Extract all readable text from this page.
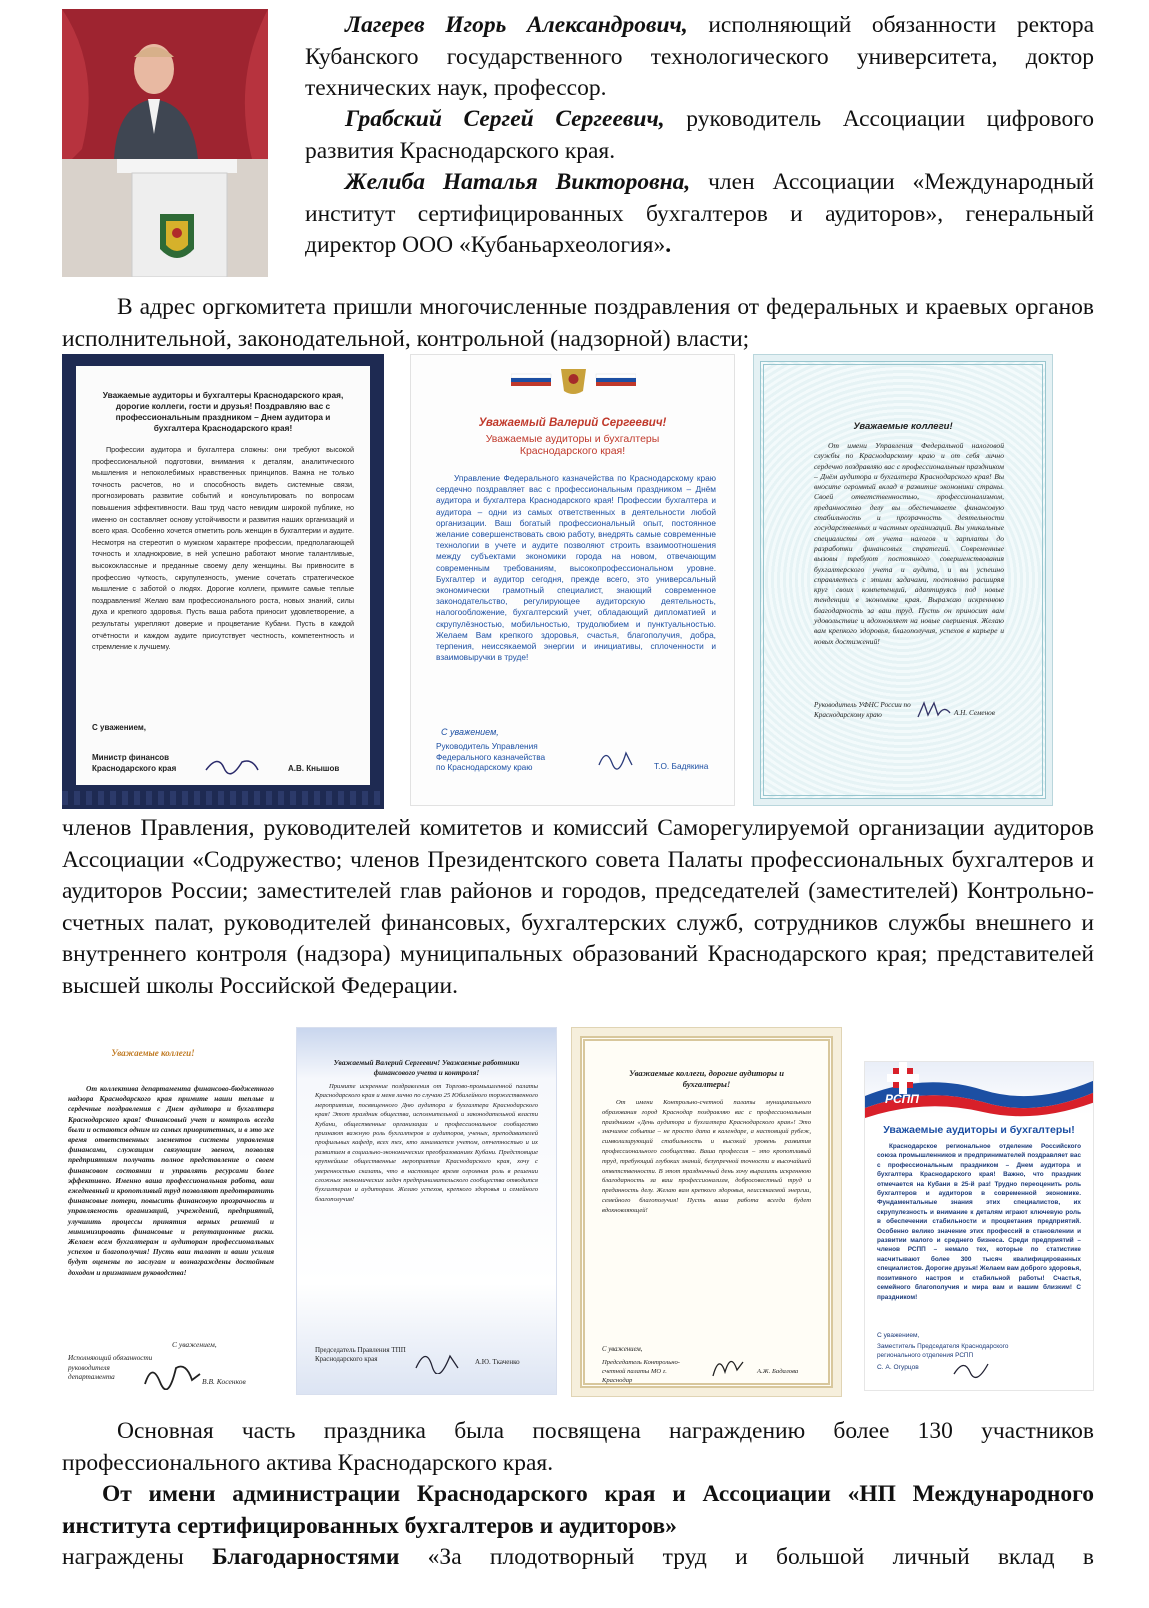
Лагерев Игорь Александрович, исполняющий обязанности ректора Кубанского государственного технологического университета, доктор технических наук, профессор.
Грабский Сергей Сергеевич, руководитель Ассоциации цифрового развития Краснодарского края.
Желиба Наталья Викторовна, член Ассоциации «Международный институт сертифицированных бухгалтеров и аудиторов», генеральный директор ООО «Кубаньархеология».

В адрес оргкомитета пришли многочисленные поздравления от федеральных и краевых органов исполнительной, законодательной, контрольной (надзорной) власти;

Уважаемые аудиторы и бухгалтеры Краснодарского края, дорогие коллеги, гости и друзья! Поздравляю вас с профессиональным праздником – Днем аудитора и бухгалтера Краснодарского края!
Профессии аудитора и бухгалтера сложны: они требуют высокой профессиональной подготовки, внимания к деталям, аналитического мышления и непоколебимых нравственных принципов. Важна не только точность расчетов, но и способность видеть системные связи, прогнозировать развитие событий и консультировать по вопросам повышения эффективности. Ваш труд часто невидим широкой публике, но именно он составляет основу устойчивости и развития наших организаций и всего края. Особенно хочется отметить роль женщин в бухгалтерии и аудите. Несмотря на стереотип о мужском характере профессии, предполагающей точность и хладнокровие, в ней успешно работают многие талантливые, высококлассные и преданные своему делу женщины. Вы привносите в профессию чуткость, скрупулезность, умение сочетать стратегическое мышление с заботой о людях. Дорогие коллеги, примите самые теплые поздравления! Желаю вам профессионального роста, новых знаний, силы духа и крепкого здоровья. Пусть ваша работа приносит удовлетворение, а результаты укрепляют доверие и процветание Кубани. Пусть в каждой отчётности и каждом аудите присутствует честность, компетентность и стремление к лучшему.
С уважением,
Министр финансов Краснодарского края	А.В. Кнышов
Уважаемый Валерий Сергеевич!
Уважаемые аудиторы и бухгалтеры Краснодарского края!
Управление Федерального казначейства по Краснодарскому краю сердечно поздравляет вас с профессиональным праздником – Днём аудитора и бухгалтера Краснодарского края! Профессии бухгалтера и аудитора – одни из самых ответственных в деятельности любой организации. Ваш богатый профессиональный опыт, постоянное желание совершенствовать свою работу, внедрять самые современные технологии в учете и аудите позволяют строить взаимоотношения между субъектами экономики города на новом, отвечающим современным требованиям, высокопрофессиональном уровне. Бухгалтер и аудитор сегодня, прежде всего, это универсальный экономически грамотный специалист, знающий современное законодательство, регулирующее аудиторскую деятельность, налогообложение, бухгалтерский учет, обладающий дипломатией и скрупулёзностью, мобильностью, трудолюбием и пунктуальностью. Желаем Вам крепкого здоровья, счастья, благополучия, добра, терпения, неиссякаемой энергии и инициативы, сплоченности и взаимовыручки в труде!
С уважением,
Руководитель Управления Федерального казначейства по Краснодарскому краю	Т.О. Бадякина
Уважаемые коллеги!
От имени Управления Федеральной налоговой службы по Краснодарскому краю и от себя лично сердечно поздравляю вас с профессиональным праздником – Днём аудитора и бухгалтера Краснодарского края! Вы вносите огромный вклад в развитие экономики страны. Своей ответственностью, профессионализмом, преданностью делу вы обеспечиваете финансовую стабильность и прозрачность деятельности государственных и частных организаций. Вы уникальные специалисты от учета налогов и зарплаты до разработки финансовых стратегий. Современные вызовы требуют постоянного совершенствования бухгалтерского учета и аудита, и вы успешно справляетесь с этими задачами, постоянно расширяя круг своих компетенций, адаптируясь под новые тенденции в экономике края. Выражаю искреннюю благодарность за ваш труд. Пусть он приносит вам удовольствие и вдохновляет на новые свершения. Желаю вам крепкого здоровья, благополучия, успехов в карьере и новых достижений!
Руководитель УФНС России по Краснодарскому краю	А.Н. Семенов

членов Правления, руководителей комитетов и комиссий Саморегулируемой организации аудиторов Ассоциации «Содружество; членов Президентского совета Палаты профессиональных бухгалтеров и аудиторов России; заместителей глав районов и городов, председателей (заместителей) Контрольно-счетных палат, руководителей финансовых, бухгалтерских служб, сотрудников службы внешнего и внутреннего контроля (надзора) муниципальных образований Краснодарского края; представителей высшей школы Российской Федерации.

Уважаемые коллеги!
От коллектива департамента финансово-бюджетного надзора Краснодарского края примите наши теплые и сердечные поздравления с Днем аудитора и бухгалтера Краснодарского края! Финансовый учет и контроль всегда были и остаются одним из самых приоритетных, и в это же время ответственных элементов системы управления финансами, служащим связующим звеном, позволяя предприятиям получать полное представление о своем финансовом состоянии и управлять ресурсами более эффективно. Именно ваша профессиональная работа, ваш ежедневный и кропотливый труд позволяют предотвратить финансовые потери, повысить финансовую прозрачность и управляемость организаций, учреждений, предприятий, улучшить процессы принятия верных решений и минимизировать финансовые и репутационные риски. Желаем всем бухгалтерам и аудиторам профессиональных успехов и благополучия! Пусть ваш талант и ваши усилия будут оценены по заслугам и вознаграждены достойным доходом и признанием руководства!
С уважением,
Исполняющий обязанности руководителя департамента	В.В. Косенков
Уважаемый Валерий Сергеевич! Уважаемые работники финансового учета и контроля!
Примите искренние поздравления от Торгово-промышленной палаты Краснодарского края и меня лично по случаю 25 Юбилейного торжественного мероприятия, посвященного Дню аудитора и бухгалтера Краснодарского края! Этот праздник общества, исполнительной и законодательной власти Кубани, общественные организации и профессиональное сообщество признают важную роль бухгалтеров и аудиторов, ученых, преподавателей профильных кафедр, всех тех, кто занимается учетом, отчетностью и их развитием в социально-экономических преобразованиях Кубани. Предстоящие крупнейшие общественные мероприятия Краснодарского края, хочу с уверенностью сказать, что в настоящее время огромная роль в решении сложных экономических задач предпринимательского сообщества отводится бухгалтерам и аудиторам. Желаю успехов, крепкого здоровья и семейного благополучия!
Председатель Правления ТПП Краснодарского края	А.Ю. Ткаченко
Уважаемые коллеги, дорогие аудиторы и бухгалтеры!
От имени Контрольно-счетной палаты муниципального образования город Краснодар поздравляю вас с профессиональным праздником «День аудитора и бухгалтера Краснодарского края»! Это значимое событие – не просто дата в календаре, а настоящий рубеж, символизирующий стабильность и высокий уровень развития профессионального сообщества. Ваша профессия – это кропотливый труд, требующий глубоких знаний, безупречной точности и высочайшей ответственности. В этот праздничный день хочу выразить искреннюю благодарность за ваш профессионализм, добросовестный труд и преданность делу. Желаю вам крепкого здоровья, неиссякаемой энергии, семейного благополучия! Пусть ваша работа всегда будет вдохновляющей!
С уважением,
Председатель Контрольно-счетной палаты МО г. Краснодар
А.Ж. Бадалова
РСПП
Уважаемые аудиторы и бухгалтеры!
Краснодарское региональное отделение Российского союза промышленников и предпринимателей поздравляет вас с профессиональным праздником – Днем аудитора и бухгалтера Краснодарского края! Важно, что праздник отмечается на Кубани в 25-й раз! Трудно переоценить роль бухгалтеров и аудиторов в современной экономике. Фундаментальные знания этих специалистов, их скрупулезность и внимание к деталям играют ключевую роль в обеспечении стабильности и процветания предприятий. Особенно велико значение этих профессий в становлении и развитии малого и среднего бизнеса. Среди предприятий – членов РСПП – немало тех, которые по статистике насчитывают более 300 тысяч квалифицированных специалистов. Дорогие друзья! Желаем вам доброго здоровья, позитивного настроя и стабильной работы! Счастья, семейного благополучия и мира вам и вашим близким! С праздником!
С уважением,
Заместитель Председателя Краснодарского регионального отделения РСПП
С. А. Огурцов

Основная часть праздника была посвящена награждению более 130 участников профессионального актива Краснодарского края.

От имени администрации Краснодарского края и Ассоциации «НП Международного института сертифицированных бухгалтеров и аудиторов»

награждены Благодарностями «За плодотворный труд и большой личный вклад в
